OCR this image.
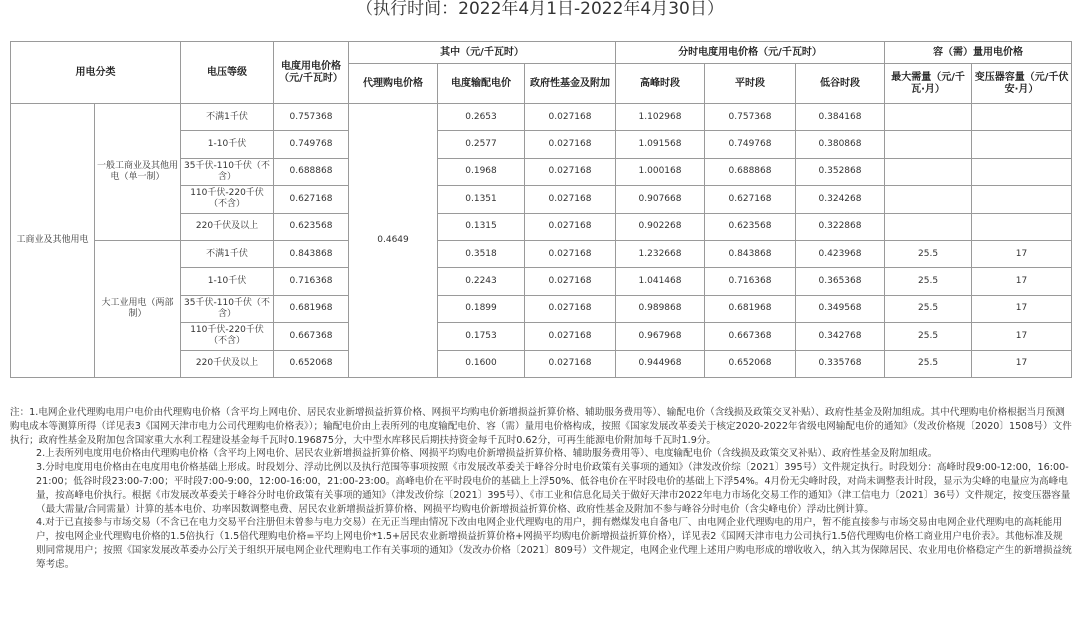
（执行时间：2022年4月1日-2022年4月30日）
用电分类		电压等级	电度用电价格（元/千瓦时）	其中（元/千瓦时）			分时电度用电价格（元/千瓦时）			容（需）量用电价格	
				代理购电价格	电度输配电价	政府性基金及附加	高峰时段	平时段	低谷时段	最大需量（元/千瓦·月）	变压器容量（元/千伏安·月）
工商业及其他用电	一般工商业及其他用电（单一制）	不满1千伏	0.757368	0.4649	0.2653	0.027168	1.102968	0.757368	0.384168		
		1-10千伏	0.749768		0.2577	0.027168	1.091568	0.749768	0.380868		
		35千伏-110千伏（不含）	0.688868		0.1968	0.027168	1.000168	0.688868	0.352868		
		110千伏-220千伏（不含）	0.627168		0.1351	0.027168	0.907668	0.627168	0.324268		
		220千伏及以上	0.623568		0.1315	0.027168	0.902268	0.623568	0.322868		
	大工业用电（两部制）	不满1千伏	0.843868		0.3518	0.027168	1.232668	0.843868	0.423968	25.5	17
		1-10千伏	0.716368		0.2243	0.027168	1.041468	0.716368	0.365368	25.5	17
		35千伏-110千伏（不含）	0.681968		0.1899	0.027168	0.989868	0.681968	0.349568	25.5	17
		110千伏-220千伏（不含）	0.667368		0.1753	0.027168	0.967968	0.667368	0.342768	25.5	17
		220千伏及以上	0.652068		0.1600	0.027168	0.944968	0.652068	0.335768	25.5	17

注：1.电网企业代理购电用户电价由代理购电价格（含平均上网电价、居民农业新增损益折算价格、网损平均购电价新增损益折算价格、辅助服务费用等）、输配电价（含线损及政策交叉补贴）、政府性基金及附加组成。其中代理购电价格根据当月预测购电成本等测算所得（详见表3《国网天津市电力公司代理购电价格表》）；输配电价由上表所列的电度输配电价、容（需）量用电价格构成，按照《国家发展改革委关于核定2020-2022年省级电网输配电价的通知》（发改价格规〔2020〕1508号）文件执行；政府性基金及附加包含国家重大水利工程建设基金每千瓦时0.196875分，大中型水库移民后期扶持资金每千瓦时0.62分，可再生能源电价附加每千瓦时1.9分。

2.上表所列电度用电价格由代理购电价格（含平均上网电价、居民农业新增损益折算价格、网损平均购电价新增损益折算价格、辅助服务费用等）、电度输配电价（含线损及政策交叉补贴）、政府性基金及附加组成。

3.分时电度用电价格由在电度用电价格基础上形成。时段划分、浮动比例以及执行范围等事项按照《市发展改革委关于峰谷分时电价政策有关事项的通知》（津发改价综〔2021〕395号）文件规定执行。时段划分：高峰时段9:00-12:00，16:00-21:00；低谷时段23:00-7:00；平时段7:00-9:00，12:00-16:00，21:00-23:00。高峰电价在平时段电价的基础上上浮50%、低谷电价在平时段电价的基础上下浮54%。4月份无尖峰时段，对尚未调整表计时段，显示为尖峰的电量应为高峰电量，按高峰电价执行。根据《市发展改革委关于峰谷分时电价政策有关事项的通知》（津发改价综〔2021〕395号）、《市工业和信息化局关于做好天津市2022年电力市场化交易工作的通知》（津工信电力〔2021〕36号）文件规定，按变压器容量（最大需量/合同需量）计算的基本电价、功率因数调整电费、居民农业新增损益折算价格、网损平均购电价新增损益折算价格、政府性基金及附加不参与峰谷分时电价（含尖峰电价）浮动比例计算。

4.对于已直接参与市场交易（不含已在电力交易平台注册但未曾参与电力交易）在无正当理由情况下改由电网企业代理购电的用户，拥有燃煤发电自备电厂、由电网企业代理购电的用户，暂不能直接参与市场交易由电网企业代理购电的高耗能用户，按电网企业代理购电价格的1.5倍执行（1.5倍代理购电价格=平均上网电价*1.5+居民农业新增损益折算价格+网损平均购电价新增损益折算价格），详见表2《国网天津市电力公司执行1.5倍代理购电价格工商业用户电价表》。其他标准及规则同常规用户；按照《国家发展改革委办公厅关于组织开展电网企业代理购电工作有关事项的通知》（发改办价格〔2021〕809号）文件规定，电网企业代理上述用户购电形成的增收收入，纳入其为保障居民、农业用电价格稳定产生的新增损益统筹考虑。
